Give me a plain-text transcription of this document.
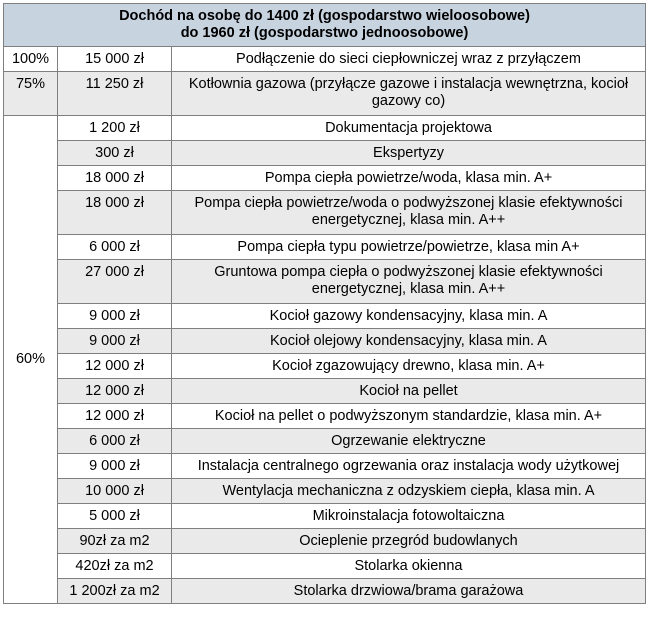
Dochód na osobę do 1400 zł (gospodarstwo wieloosobowe)
do 1960 zł (gospodarstwo jednoosobowe)		

100%	15 000 zł	Podłączenie do sieci ciepłowniczej wraz z przyłączem
75%	11 250 zł	Kotłownia gazowa (przyłącze gazowe i instalacja wewnętrzna, kocioł gazowy co)
60%	1 200 zł	Dokumentacja projektowa
	300 zł	Ekspertyzy
	18 000 zł	Pompa ciepła powietrze/woda, klasa min. A+
	18 000 zł	Pompa ciepła powietrze/woda o podwyższonej klasie efektywności energetycznej, klasa min. A++
	6 000 zł	Pompa ciepła typu powietrze/powietrze, klasa min A+
	27 000 zł	Gruntowa pompa ciepła o podwyższonej klasie efektywności energetycznej, klasa min. A++
	9 000 zł	Kocioł gazowy kondensacyjny, klasa min. A
	9 000 zł	Kocioł olejowy kondensacyjny, klasa min. A
	12 000 zł	Kocioł zgazowujący drewno, klasa min. A+
	12 000 zł	Kocioł na pellet
	12 000 zł	Kocioł na pellet o podwyższonym standardzie, klasa min. A+
	6 000 zł	Ogrzewanie elektryczne
	9 000 zł	Instalacja centralnego ogrzewania oraz instalacja wody użytkowej
	10 000 zł	Wentylacja mechaniczna z odzyskiem ciepła, klasa min. A
	5 000 zł	Mikroinstalacja fotowoltaiczna
	90zł za m2	Ocieplenie przegród budowlanych
	420zł za m2	Stolarka okienna
	1 200zł za m2	Stolarka drzwiowa/brama garażowa
